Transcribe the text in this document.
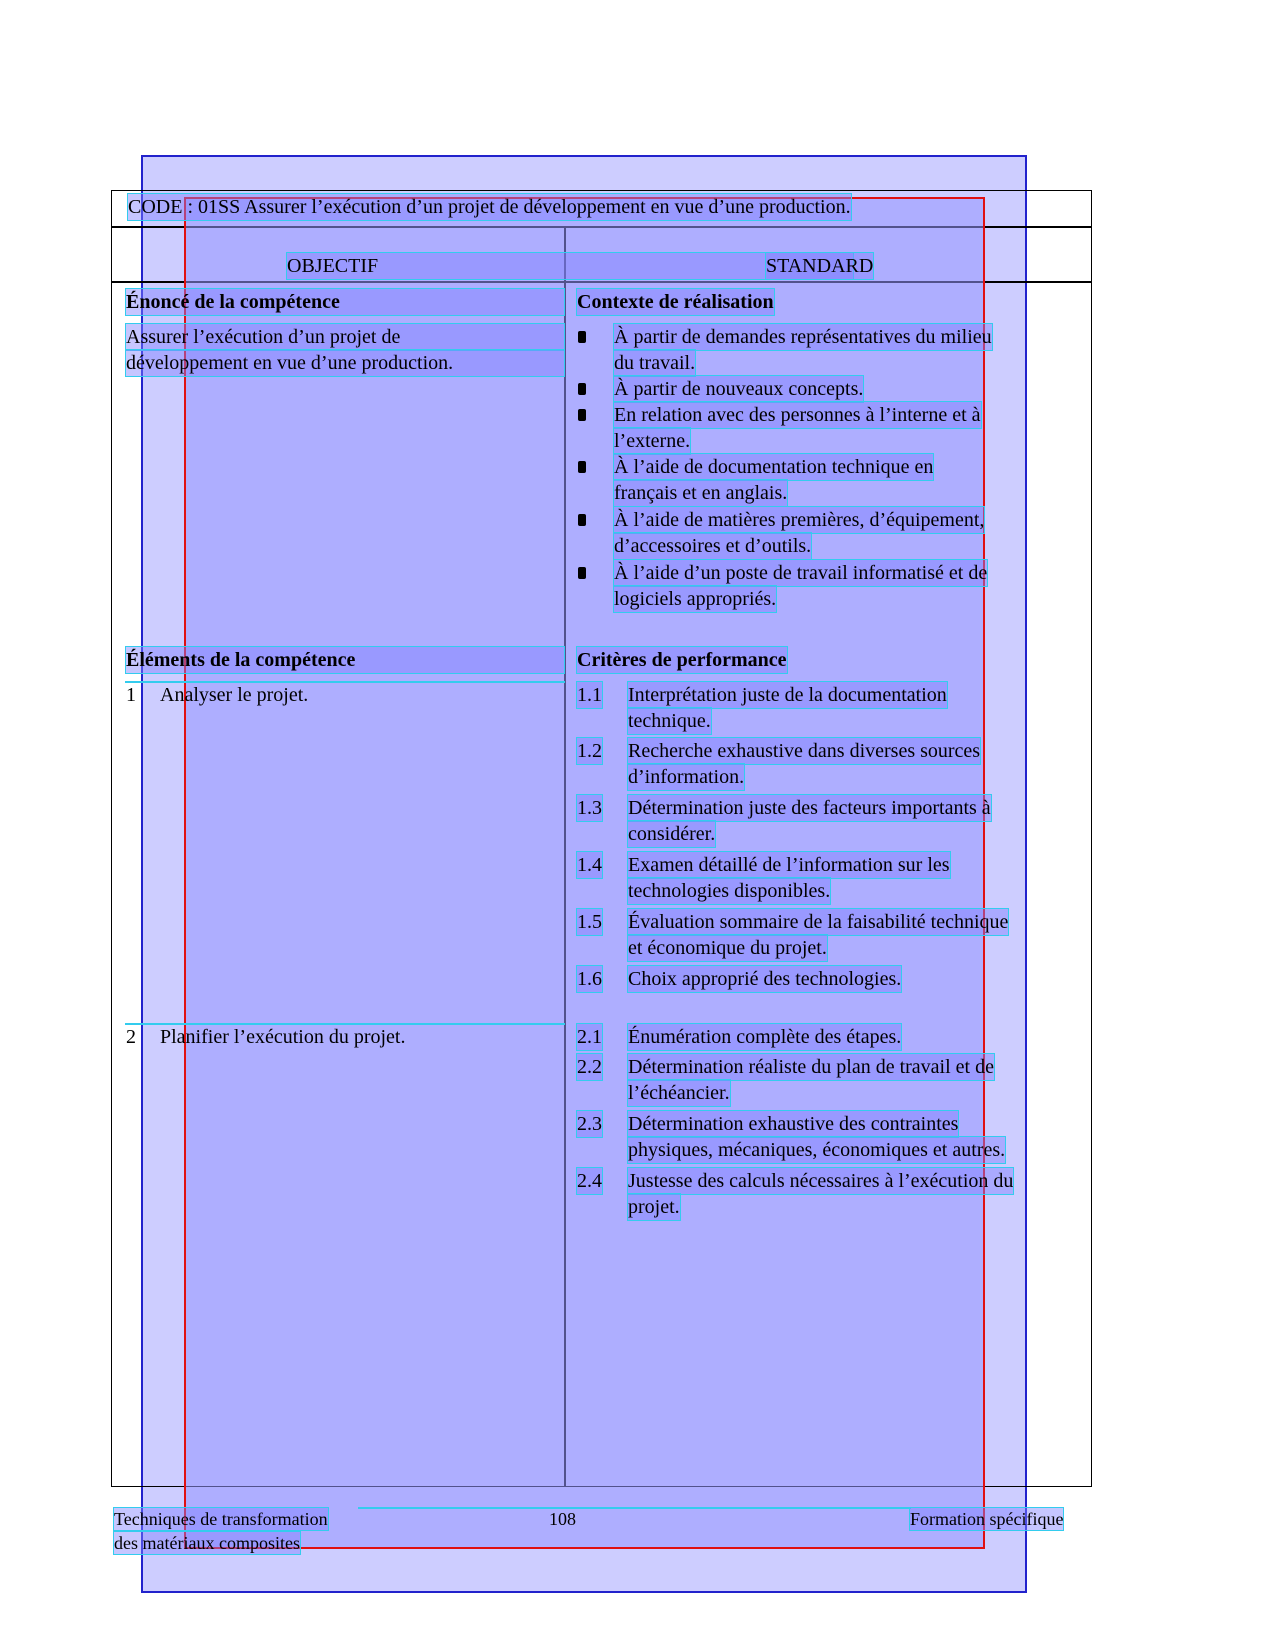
CODE : 01SS Assurer l’exécution d’un projet de développement en vue d’une production.
OBJECTIF	STANDARD
Énoncé de la compétence
Assurer l’exécution d’un projet de
développement en vue d’une production.
Contexte de réalisation
À partir de demandes représentatives du milieu
du travail.
À partir de nouveaux concepts.
En relation avec des personnes à l’interne et à
l’externe.
À l’aide de documentation technique en
français et en anglais.
À l’aide de matières premières, d’équipement,
d’accessoires et d’outils.
À l’aide d’un poste de travail informatisé et de
logiciels appropriés.
Éléments de la compétence
1 Analyser le projet.
2 Planifier l’exécution du projet.
Critères de performance
1.1 Interprétation juste de la documentation
technique.
1.2 Recherche exhaustive dans diverses sources
d’information.
1.3 Détermination juste des facteurs importants à
considérer.
1.4 Examen détaillé de l’information sur les
technologies disponibles.
1.5 Évaluation sommaire de la faisabilité technique
et économique du projet.
1.6 Choix approprié des technologies.
2.1 Énumération complète des étapes.
2.2 Détermination réaliste du plan de travail et de
l’échéancier.
2.3 Détermination exhaustive des contraintes
physiques, mécaniques, économiques et autres.
2.4 Justesse des calculs nécessaires à l’exécution du
projet.
Techniques de transformation
des matériaux composites
108	Formation spécifique
